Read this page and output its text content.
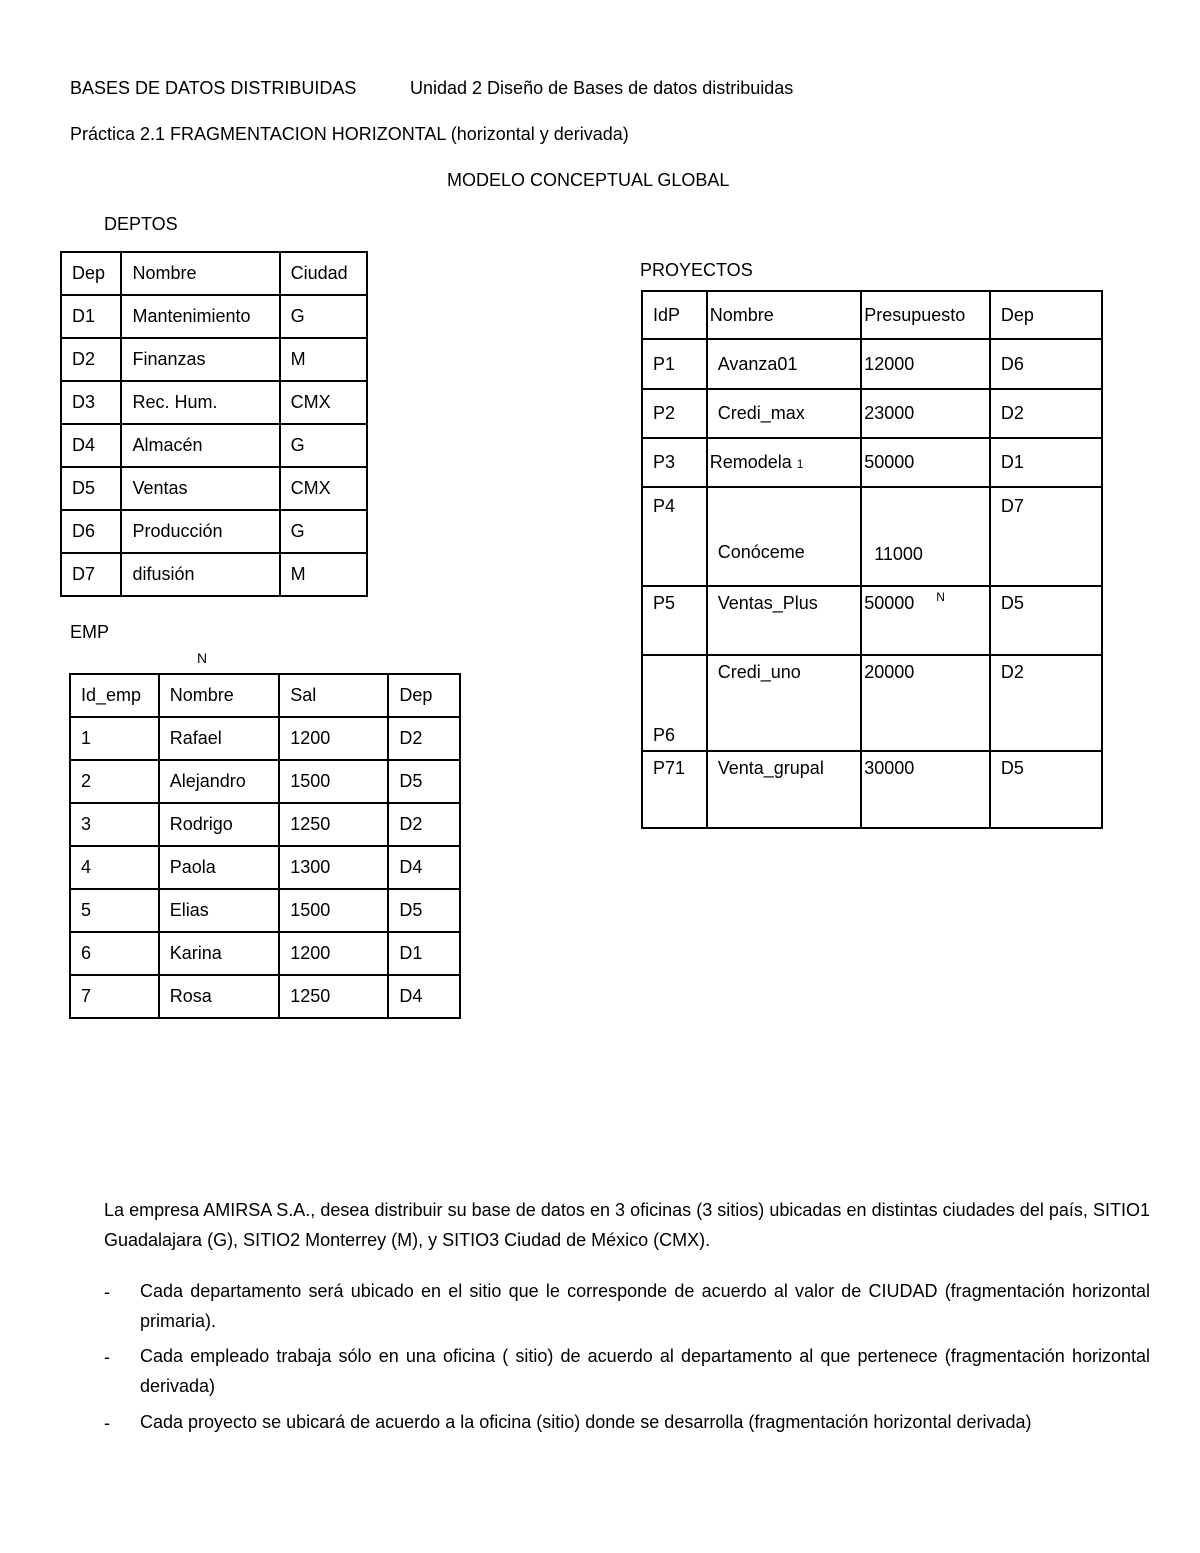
BASES DE DATOS DISTRIBUIDAS	Unidad 2 Diseño de Bases de datos distribuidas
Práctica 2.1 FRAGMENTACION HORIZONTAL (horizontal y derivada)
MODELO CONCEPTUAL GLOBAL
DEPTOS
Dep	Nombre	Ciudad
D1	Mantenimiento	G
D2	Finanzas	M
D3	Rec. Hum.	CMX
D4	Almacén	G
D5	Ventas	CMX
D6	Producción	G
D7	difusión	M
EMP
N
Id_emp	Nombre	Sal	Dep
1	Rafael	1200	D2
2	Alejandro	1500	D5
3	Rodrigo	1250	D2
4	Paola	1300	D4
5	Elias	1500	D5
6	Karina	1200	D1
7	Rosa	1250	D4
PROYECTOS
IdP	Nombre	Presupuesto	Dep
P1	Avanza01	12000	D6
P2	Credi_max	23000	D2
P3	Remodela 1	50000	D1
P4	Conóceme	11000	D7
P5	Ventas_Plus	50000 $^N$	D5
P6	Credi_uno	20000	D2
P71	Venta_grupal	30000	D5
La empresa AMIRSA S.A., desea distribuir su base de datos en 3 oficinas (3 sitios) ubicadas en distintas ciudades del país, SITIO1 Guadalajara (G), SITIO2 Monterrey (M), y SITIO3 Ciudad de México (CMX).
- Cada departamento será ubicado en el sitio que le corresponde de acuerdo al valor de CIUDAD (fragmentación horizontal primaria).
- Cada empleado trabaja sólo en una oficina ( sitio) de acuerdo al departamento al que pertenece (fragmentación horizontal derivada)
- Cada proyecto se ubicará de acuerdo a la oficina (sitio) donde se desarrolla (fragmentación horizontal derivada)
